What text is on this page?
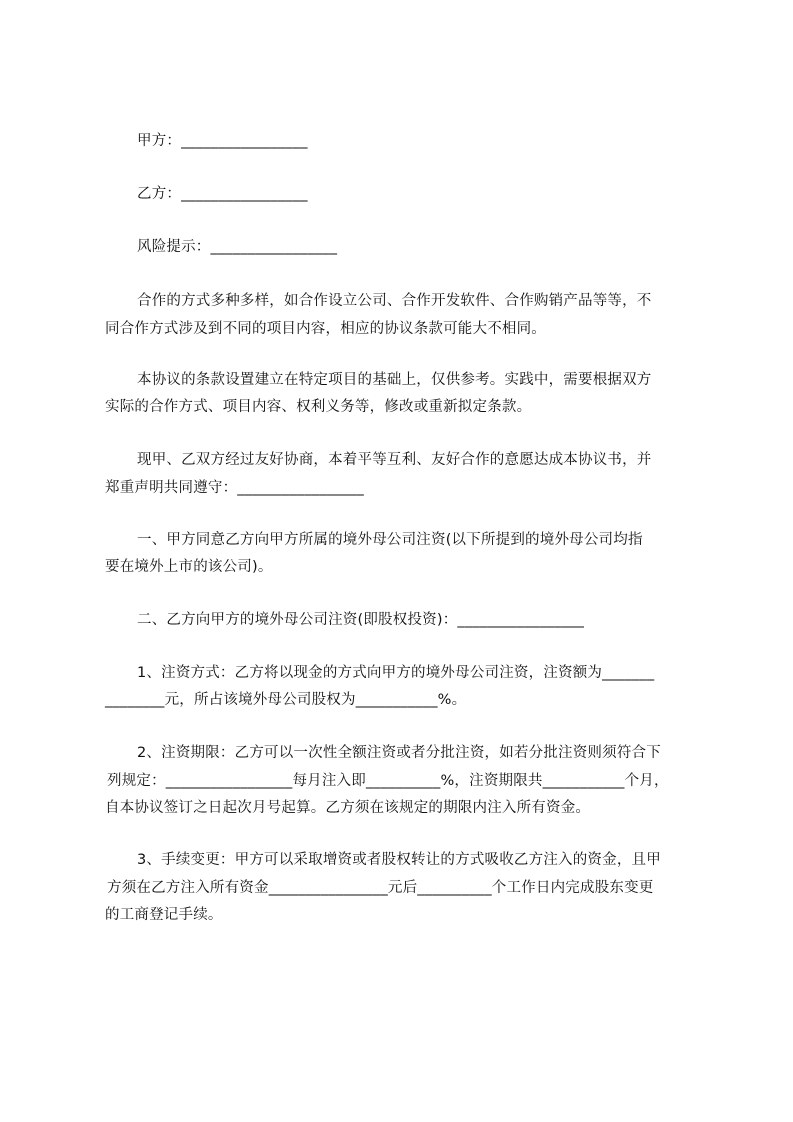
甲方：_________________
乙方：_________________
风险提示：_________________
合作的方式多种多样，如合作设立公司、合作开发软件、合作购销产品等等，不
同合作方式涉及到不同的项目内容，相应的协议条款可能大不相同。
本协议的条款设置建立在特定项目的基础上，仅供参考。实践中，需要根据双方
实际的合作方式、项目内容、权利义务等，修改或重新拟定条款。
现甲、乙双方经过友好协商，本着平等互利、友好合作的意愿达成本协议书，并
郑重声明共同遵守：_________________
一、甲方同意乙方向甲方所属的境外母公司注资(以下所提到的境外母公司均指
要在境外上市的该公司)。
二、乙方向甲方的境外母公司注资(即股权投资)：_________________
1、注资方式：乙方将以现金的方式向甲方的境外母公司注资，注资额为_______
________元，所占该境外母公司股权为___________%。
2、注资期限：乙方可以一次性全额注资或者分批注资，如若分批注资则须符合下
列规定：_________________每月注入即__________%，注资期限共___________个月，
自本协议签订之日起次月号起算。乙方须在该规定的期限内注入所有资金。
3、手续变更：甲方可以采取增资或者股权转让的方式吸收乙方注入的资金，且甲
方须在乙方注入所有资金________________元后__________个工作日内完成股东变更
的工商登记手续。
